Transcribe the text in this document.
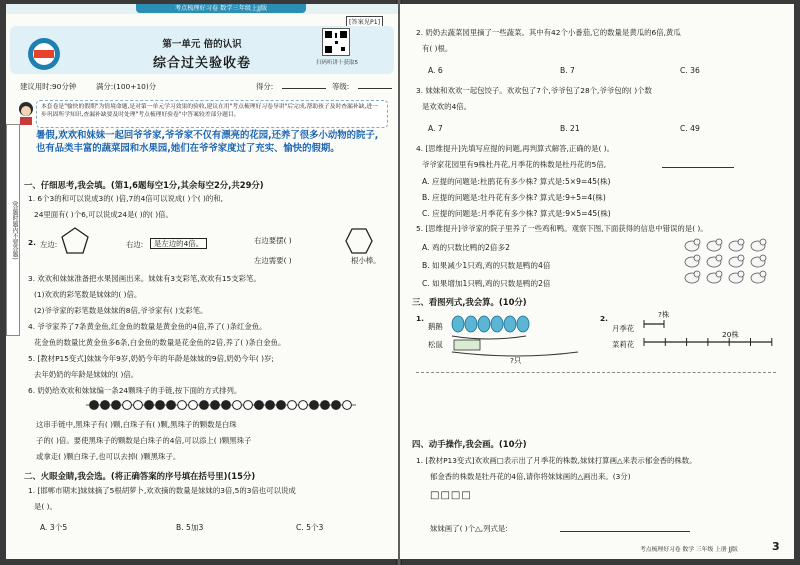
考点梳理好习卷 数学三年级上JJ版
[答案见P1]
第一单元 倍的认识
综合过关验收卷	扫码听讲十获取5
建议用时:90分钟	满分:(100+10)分	得分:	等级:
本套卷是"愉快的假期"为情境命题,是对第一单元学习效果的验收,建议在用"考点梳理好习卷导讲"后完成,帮助孩子及时查漏补缺,进一步巩固所学知识,查漏补缺要及时处理"考点梳理好验卷"中答案较差部分题目。
暑假,欢欢和妹妹一起回爷爷家,爷爷家不仅有漂亮的花园,还养了很多小动物的院子,也有品类丰富的蔬菜园和水果园,她们在爷爷家度过了充实、愉快的假期。
(答题时题内不要答题)
一、仔细思考,我会填。(第1,6题每空1分,其余每空2分,共29分)
1. 6个3的和可以说成3的( )倍,7的4倍可以说成( )个( )的和,
24里面有( )个6,可以说成24是( )的( )倍。
2. 左边:	右边:	是左边的4倍。	右边要摆( )
左边需要( )	根小棒。
3. 欢欢和妹妹准备把水果园画出来。妹妹有3支彩笔,欢欢有15支彩笔。
(1)欢欢的彩笔数是妹妹的( )倍。
(2)爷爷家的彩笔数是妹妹的8倍,爷爷家有( )支彩笔。
4. 爷爷家养了7条黄金鱼,红金鱼的数量是黄金鱼的4倍,养了( )条红金鱼。
花金鱼的数量比黄金鱼多6条,白金鱼的数量是花金鱼的2倍,养了( )条白金鱼。
5. [教材P15变式]妹妹今年9岁,奶奶今年的年龄是妹妹的9倍,奶奶今年( )岁;
去年奶奶的年龄是妹妹的( )倍。
6. 奶奶给欢欢和妹妹编一条24颗珠子的手链,按下面的方式排列。
这串手链中,黑珠子有( )颗,白珠子有( )颗,黑珠子的颗数是白珠
子的( )倍。要使黑珠子的颗数是白珠子的4倍,可以添上( )颗黑珠子
或拿走( )颗白珠子,也可以去掉( )颗黑珠子。
二、火眼金睛,我会选。(将正确答案的序号填在括号里)(15分)
1. [邯郸市期末]妹妹摘了5根胡萝卜,欢欢摘的数量是妹妹的3倍,5的3倍也可以说成
是( )。
A. 3个5	B. 5加3	C. 5个3
2. 奶奶去蔬菜园里摘了一些蔬菜。其中有42个小番茄,它的数量是黄瓜的6倍,黄瓜
有( )根。
A. 6	B. 7	C. 36
3. 妹妹和欢欢一起包饺子。欢欢包了7个,爷爷包了28个,爷爷包的( )个数
是欢欢的4倍。
A. 7	B. 21	C. 49
4. [思维提升]先填写应提的问题,再判算式解答,正确的是( )。
爷爷家花园里有9株杜丹花,月季花的株数是杜丹花的5倍,
A. 应提的问题是:杜鹃花有多少株? 算式是:5×9=45(株)
B. 应提的问题是:牡丹花有多少株? 算式是:9÷5=4(株)
C. 应提的问题是:月季花有多少株? 算式是:9×5=45(株)
5. [思维提升]爷爷家的院子里养了一些鸡和鸭。观察下图,下面获得的信息中错误的是( )。
A. 鸡的只数比鸭的2倍多2
B. 如果减少1只鸡,鸡的只数是鸭的4倍
C. 如果增加1只鸭,鸡的只数是鸭的2倍
三、看图列式,我会算。(10分)
1.
鹅鹅
松鼠
?只
2.
月季花
菜莉花
?株
20株
四、动手操作,我会画。(10分)
1. [教材P13变式]欢欢画□表示出了月季花的株数,妹妹打算画△来表示郁金香的株数。
郁金香的株数是牡丹花的4倍,请你将妹妹画的△画出来。(3分)
□□□□
妹妹画了( )个△,列式是:
考点梳理好习卷 数学 三年级 上册 JJ版	3
